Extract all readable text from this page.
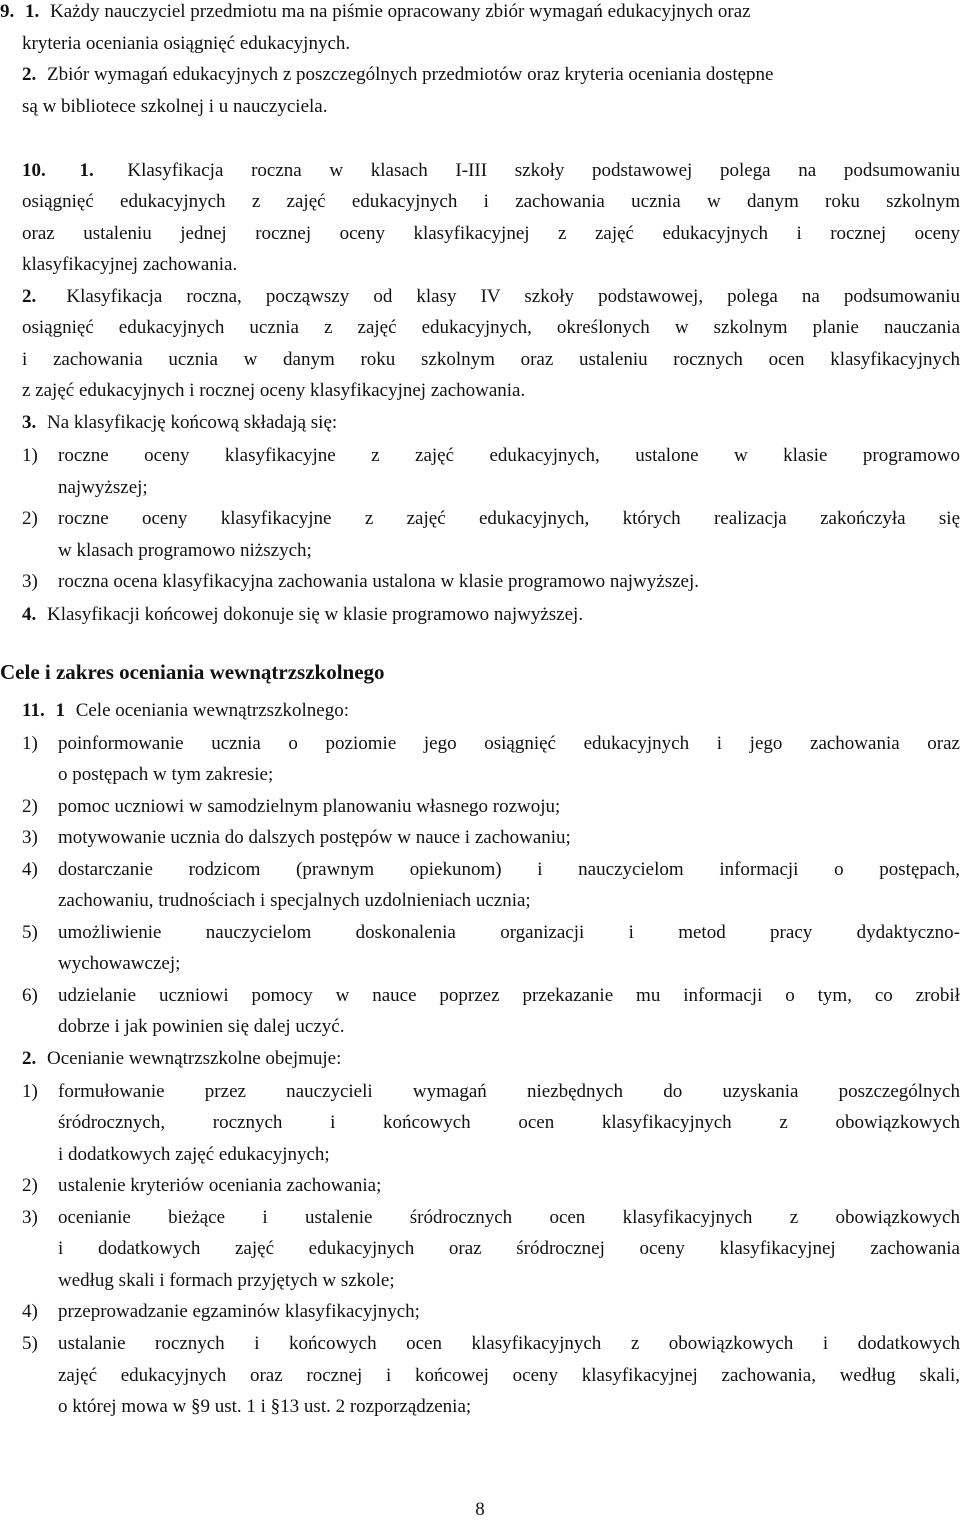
9. 1. Każdy nauczyciel przedmiotu ma na piśmie opracowany zbiór wymagań edukacyjnych oraz
kryteria oceniania osiągnięć edukacyjnych.
2. Zbiór wymagań edukacyjnych z poszczególnych przedmiotów oraz kryteria oceniania dostępne
są w bibliotece szkolnej i u nauczyciela.
10. 1. Klasyfikacja roczna w klasach I-III szkoły podstawowej polega na podsumowaniu
osiągnięć edukacyjnych z zajęć edukacyjnych i zachowania ucznia w danym roku szkolnym
oraz ustaleniu jednej rocznej oceny klasyfikacyjnej z zajęć edukacyjnych i rocznej oceny
klasyfikacyjnej zachowania.
2. Klasyfikacja roczna, począwszy od klasy IV szkoły podstawowej, polega na podsumowaniu
osiągnięć edukacyjnych ucznia z zajęć edukacyjnych, określonych w szkolnym planie nauczania
i zachowania ucznia w danym roku szkolnym oraz ustaleniu rocznych ocen klasyfikacyjnych
z zajęć edukacyjnych i rocznej oceny klasyfikacyjnej zachowania.
3. Na klasyfikację końcową składają się:
1)	roczne oceny klasyfikacyjne z zajęć edukacyjnych, ustalone w klasie programowo
najwyższej;
2)	roczne oceny klasyfikacyjne z zajęć edukacyjnych, których realizacja zakończyła się
w klasach programowo niższych;
3)	roczna ocena klasyfikacyjna zachowania ustalona w klasie programowo najwyższej.
4. Klasyfikacji końcowej dokonuje się w klasie programowo najwyższej.
Cele i zakres oceniania wewnątrzszkolnego
11. 1 Cele oceniania wewnątrzszkolnego:
1)	poinformowanie ucznia o poziomie jego osiągnięć edukacyjnych i jego zachowania oraz
o postępach w tym zakresie;
2)	pomoc uczniowi w samodzielnym planowaniu własnego rozwoju;
3)	motywowanie ucznia do dalszych postępów w nauce i zachowaniu;
4)	dostarczanie rodzicom (prawnym opiekunom) i nauczycielom informacji o postępach,
zachowaniu, trudnościach i specjalnych uzdolnieniach ucznia;
5)	umożliwienie nauczycielom doskonalenia organizacji i metod pracy dydaktyczno-
wychowawczej;
6)	udzielanie uczniowi pomocy w nauce poprzez przekazanie mu informacji o tym, co zrobił
dobrze i jak powinien się dalej uczyć.
2. Ocenianie wewnątrzszkolne obejmuje:
1)	formułowanie przez nauczycieli wymagań niezbędnych do uzyskania poszczególnych
śródrocznych, rocznych i końcowych ocen klasyfikacyjnych z obowiązkowych
i dodatkowych zajęć edukacyjnych;
2)	ustalenie kryteriów oceniania zachowania;
3)	ocenianie bieżące i ustalenie śródrocznych ocen klasyfikacyjnych z obowiązkowych
i dodatkowych zajęć edukacyjnych oraz śródrocznej oceny klasyfikacyjnej zachowania
według skali i formach przyjętych w szkole;
4)	przeprowadzanie egzaminów klasyfikacyjnych;
5)	ustalanie rocznych i końcowych ocen klasyfikacyjnych z obowiązkowych i dodatkowych
zajęć edukacyjnych oraz rocznej i końcowej oceny klasyfikacyjnej zachowania, według skali,
o której mowa w §9 ust. 1 i §13 ust. 2 rozporządzenia;
8
